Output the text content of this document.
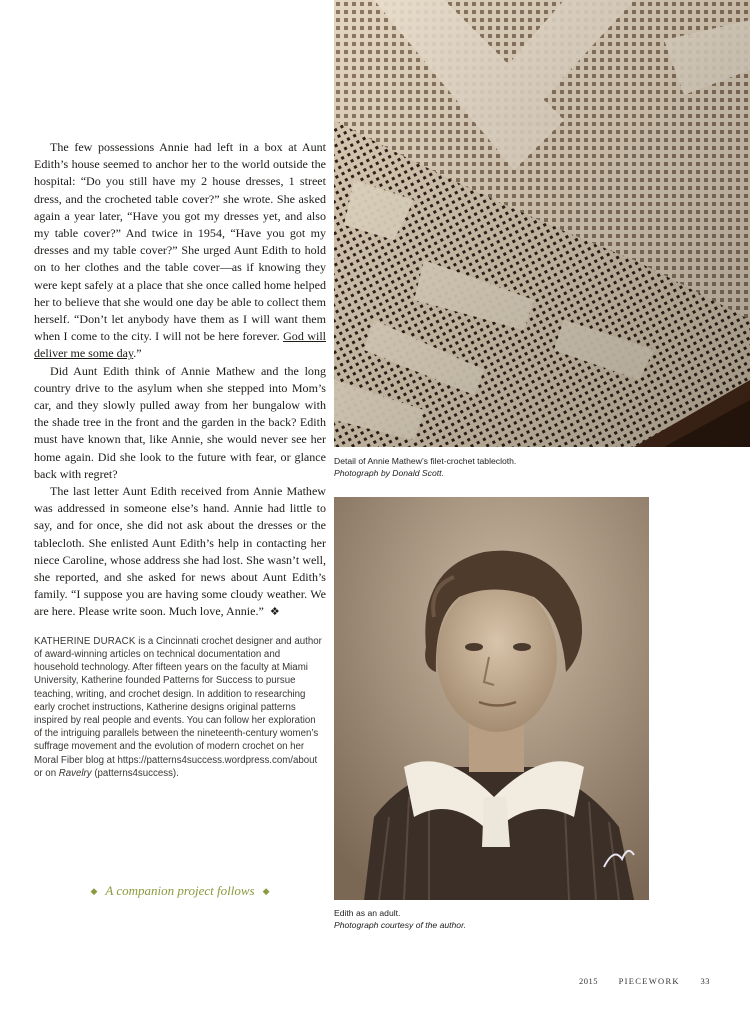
The few possessions Annie had left in a box at Aunt Edith’s house seemed to anchor her to the world outside the hospital: “Do you still have my 2 house dresses, 1 street dress, and the crocheted table cover?” she wrote. She asked again a year later, “Have you got my dresses yet, and also my table cover?” And twice in 1954, “Have you got my dresses and my table cover?” She urged Aunt Edith to hold on to her clothes and the table cover—as if knowing they were kept safely at a place that she once called home helped her to believe that she would one day be able to collect them herself. “Don’t let anybody have them as I will want them when I come to the city. I will not be here forever. God will deliver me some day.”

Did Aunt Edith think of Annie Mathew and the long country drive to the asylum when she stepped into Mom’s car, and they slowly pulled away from her bungalow with the shade tree in the front and the garden in the back? Edith must have known that, like Annie, she would never see her home again. Did she look to the future with fear, or glance back with regret?

The last letter Aunt Edith received from Annie Mathew was addressed in someone else’s hand. Annie had little to say, and for once, she did not ask about the dresses or the tablecloth. She enlisted Aunt Edith’s help in contacting her niece Caroline, whose address she had lost. She wasn’t well, she reported, and she asked for news about Aunt Edith’s family. “I suppose you are having some cloudy weather. We are here. Please write soon. Much love, Annie.” ❖

KATHERINE DURACK is a Cincinnati crochet designer and author of award-winning articles on technical documentation and household technology. After fifteen years on the faculty at Miami University, Katherine founded Patterns for Success to pursue teaching, writing, and crochet design. In addition to researching early crochet instructions, Katherine designs original patterns inspired by real people and events. You can follow her exploration of the intriguing parallels between the nineteenth-century women’s suffrage movement and the evolution of modern crochet on her Moral Fiber blog at https://patterns4success.wordpress.com/about or on Ravelry (patterns4success).
◆ A companion project follows ◆
Detail of Annie Mathew’s filet-crochet tablecloth.
Photograph by Donald Scott.
Edith as an adult.
Photograph courtesy of the author.
2015 PIECEWORK 33
